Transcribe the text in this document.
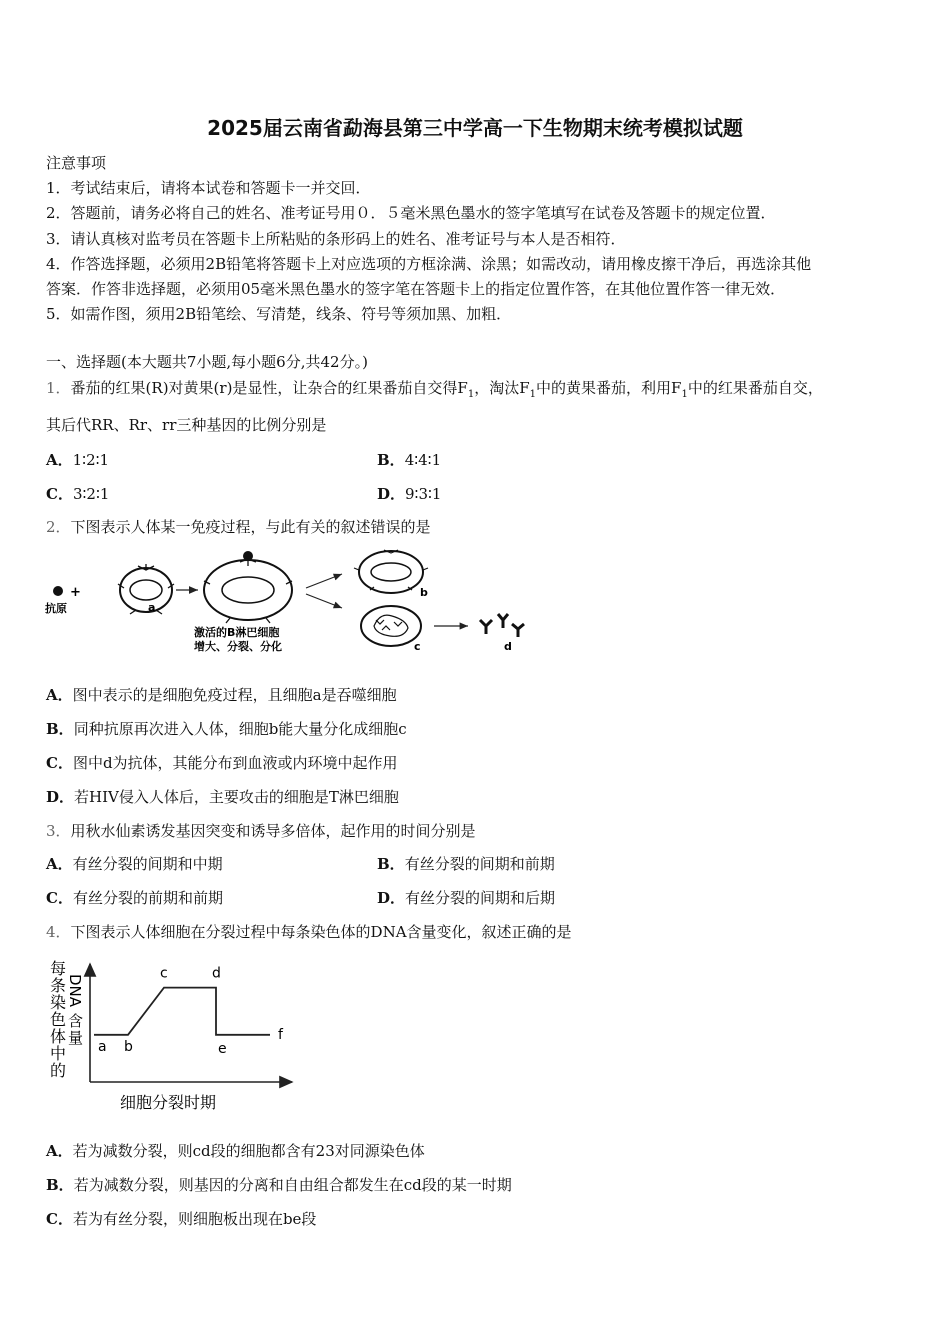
2025届云南省勐海县第三中学高一下生物期末统考模拟试题
注意事项
1．考试结束后，请将本试卷和答题卡一并交回．
2．答题前，请务必将自己的姓名、准考证号用０．５毫米黑色墨水的签字笔填写在试卷及答题卡的规定位置．
3．请认真核对监考员在答题卡上所粘贴的条形码上的姓名、准考证号与本人是否相符．
4．作答选择题，必须用2B铅笔将答题卡上对应选项的方框涂满、涂黑；如需改动，请用橡皮擦干净后，再选涂其他
答案．作答非选择题，必须用05毫米黑色墨水的签字笔在答题卡上的指定位置作答，在其他位置作答一律无效．
5．如需作图，须用2B铅笔绘、写清楚，线条、符号等须加黑、加粗．
一、选择题(本大题共7小题,每小题6分,共42分。)
1．番茄的红果(R)对黄果(r)是显性，让杂合的红果番茄自交得$F_1$，淘汰$F_1$中的黄果番茄，利用$F_1$中的红果番茄自交，
其后代RR、Rr、rr三种基因的比例分别是
A．1∶2∶1	B．4∶4∶1
C．3∶2∶1	D．9∶3∶1
2．下图表示人体某一免疫过程，与此有关的叙述错误的是
+
抗原	a
激活的B淋巴细胞
增大、分裂、分化
b
c	d
A．图中表示的是细胞免疫过程，且细胞a是吞噬细胞
B．同种抗原再次进入人体，细胞b能大量分化成细胞c
C．图中d为抗体，其能分布到血液或内环境中起作用
D．若HIV侵入人体后，主要攻击的细胞是T淋巴细胞
3．用秋水仙素诱发基因突变和诱导多倍体，起作用的时间分别是
A．有丝分裂的间期和中期	B．有丝分裂的间期和前期
C．有丝分裂的前期和前期	D．有丝分裂的间期和后期
4．下图表示人体细胞在分裂过程中每条染色体的DNA含量变化，叙述正确的是
每
条
染
色
体
中
的
DNA
含
量 a b
c	d
e
f
细胞分裂时期
A．若为减数分裂，则cd段的细胞都含有23对同源染色体
B．若为减数分裂，则基因的分离和自由组合都发生在cd段的某一时期
C．若为有丝分裂，则细胞板出现在be段
